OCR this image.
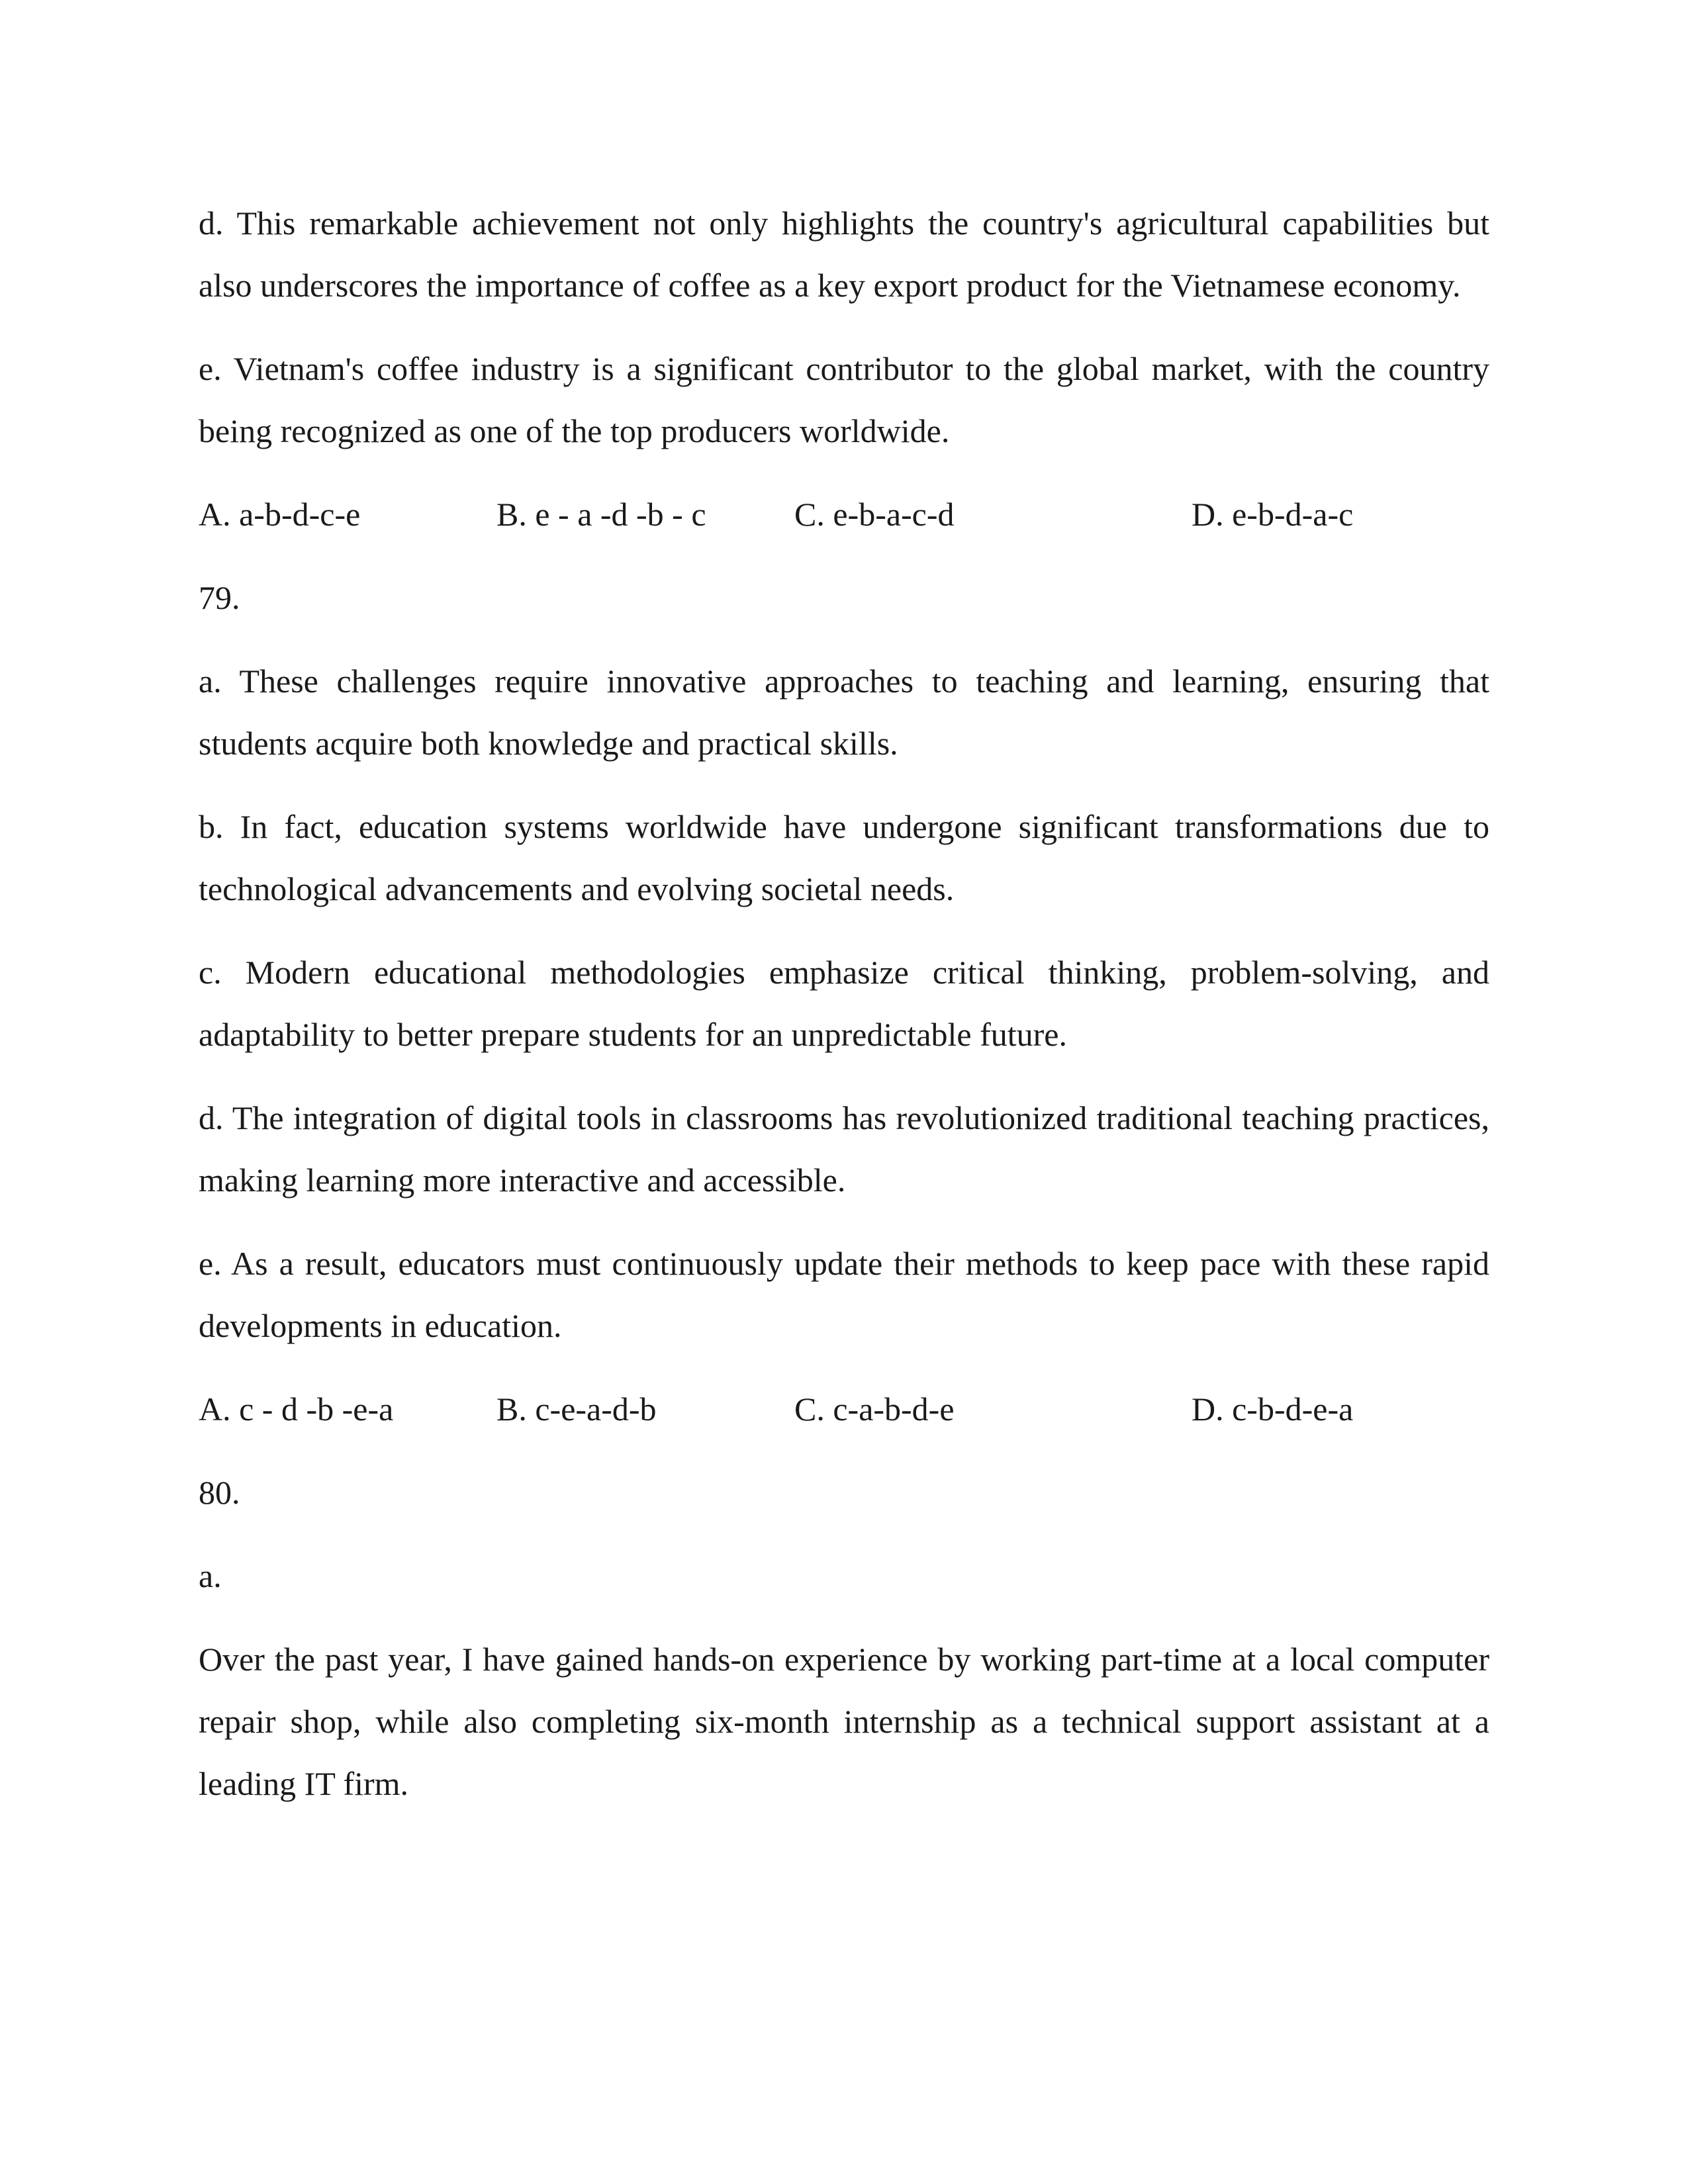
d. This remarkable achievement not only highlights the country's agricultural capabilities but also underscores the importance of coffee as a key export product for the Vietnamese economy.

e. Vietnam's coffee industry is a significant contributor to the global market, with the country being recognized as one of the top producers worldwide.

A. a-b-d-c-e	B. e - a -d -b - c	C. e-b-a-c-d	D. e-b-d-a-c

79.

a. These challenges require innovative approaches to teaching and learning, ensuring that students acquire both knowledge and practical skills.

b. In fact, education systems worldwide have undergone significant transformations due to technological advancements and evolving societal needs.

c. Modern educational methodologies emphasize critical thinking, problem-solving, and adaptability to better prepare students for an unpredictable future.

d. The integration of digital tools in classrooms has revolutionized traditional teaching practices, making learning more interactive and accessible.

e. As a result, educators must continuously update their methods to keep pace with these rapid developments in education.

A. c - d -b -e-a	B. c-e-a-d-b	C. c-a-b-d-e	D. c-b-d-e-a

80.

a.

Over the past year, I have gained hands-on experience by working part-time at a local computer repair shop, while also completing six-month internship as a technical support assistant at a leading IT firm.
